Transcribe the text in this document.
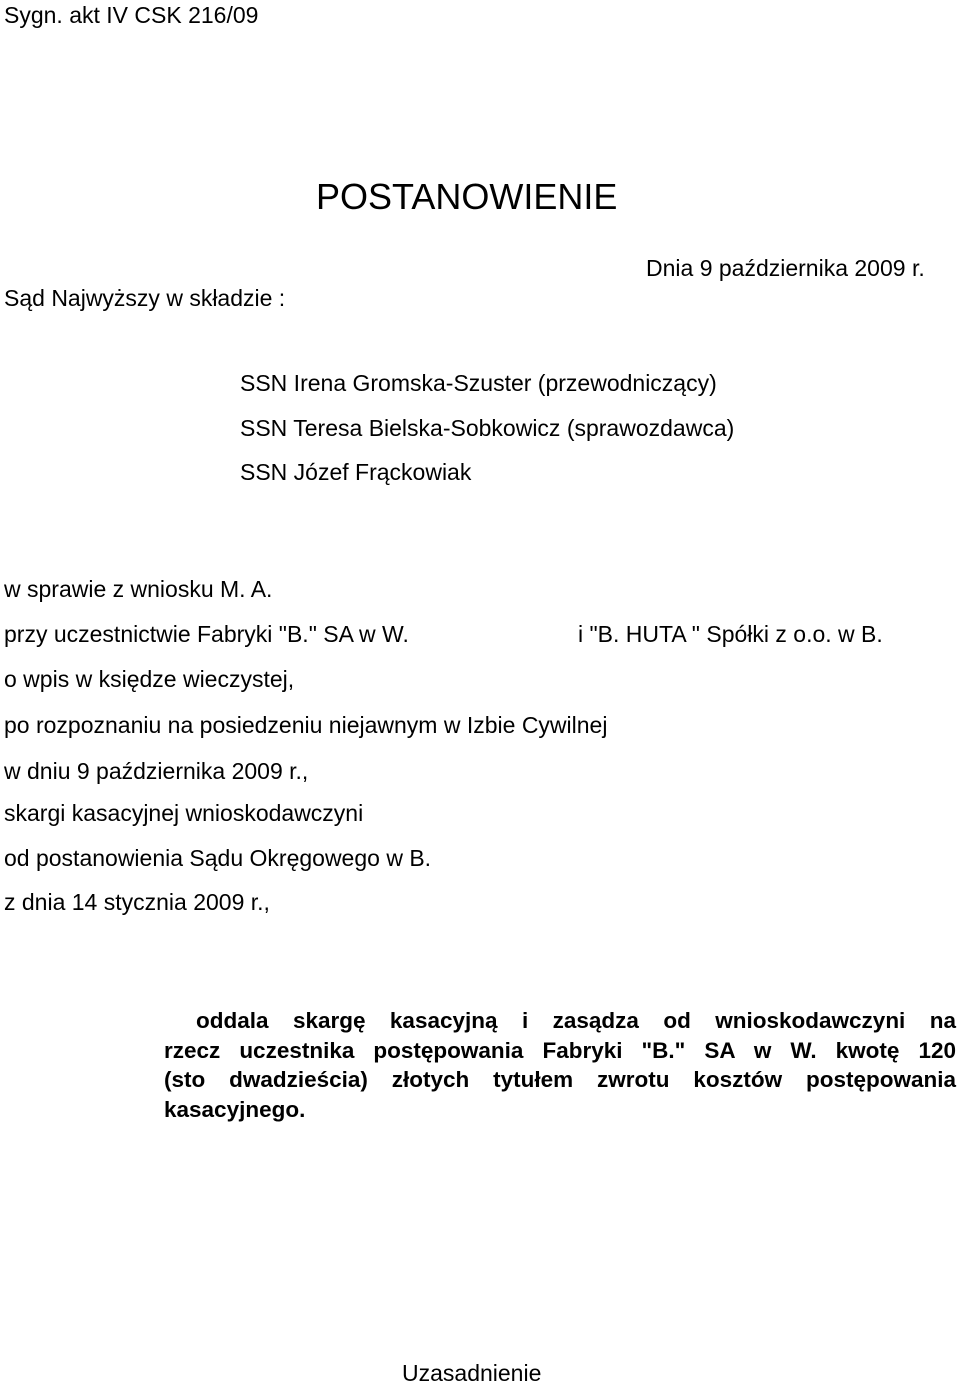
Sygn. akt IV CSK 216/09
POSTANOWIENIE
Dnia 9 października 2009 r.
Sąd Najwyższy w składzie :
SSN Irena Gromska-Szuster (przewodniczący)
SSN Teresa Bielska-Sobkowicz (sprawozdawca)
SSN Józef Frąckowiak
w sprawie z wniosku M. A.
przy uczestnictwie Fabryki "B." SA w W.	i "B. HUTA " Spółki z o.o. w B.
o wpis w księdze wieczystej,
po rozpoznaniu na posiedzeniu niejawnym w Izbie Cywilnej
w dniu 9 października 2009 r.,
skargi kasacyjnej wnioskodawczyni
od postanowienia Sądu Okręgowego w B.
z dnia 14 stycznia 2009 r.,
oddala skargę kasacyjną i zasądza od wnioskodawczyni na
rzecz uczestnika postępowania Fabryki "B." SA w W. kwotę 120
(sto dwadzieścia) złotych tytułem zwrotu kosztów postępowania
kasacyjnego.
Uzasadnienie
